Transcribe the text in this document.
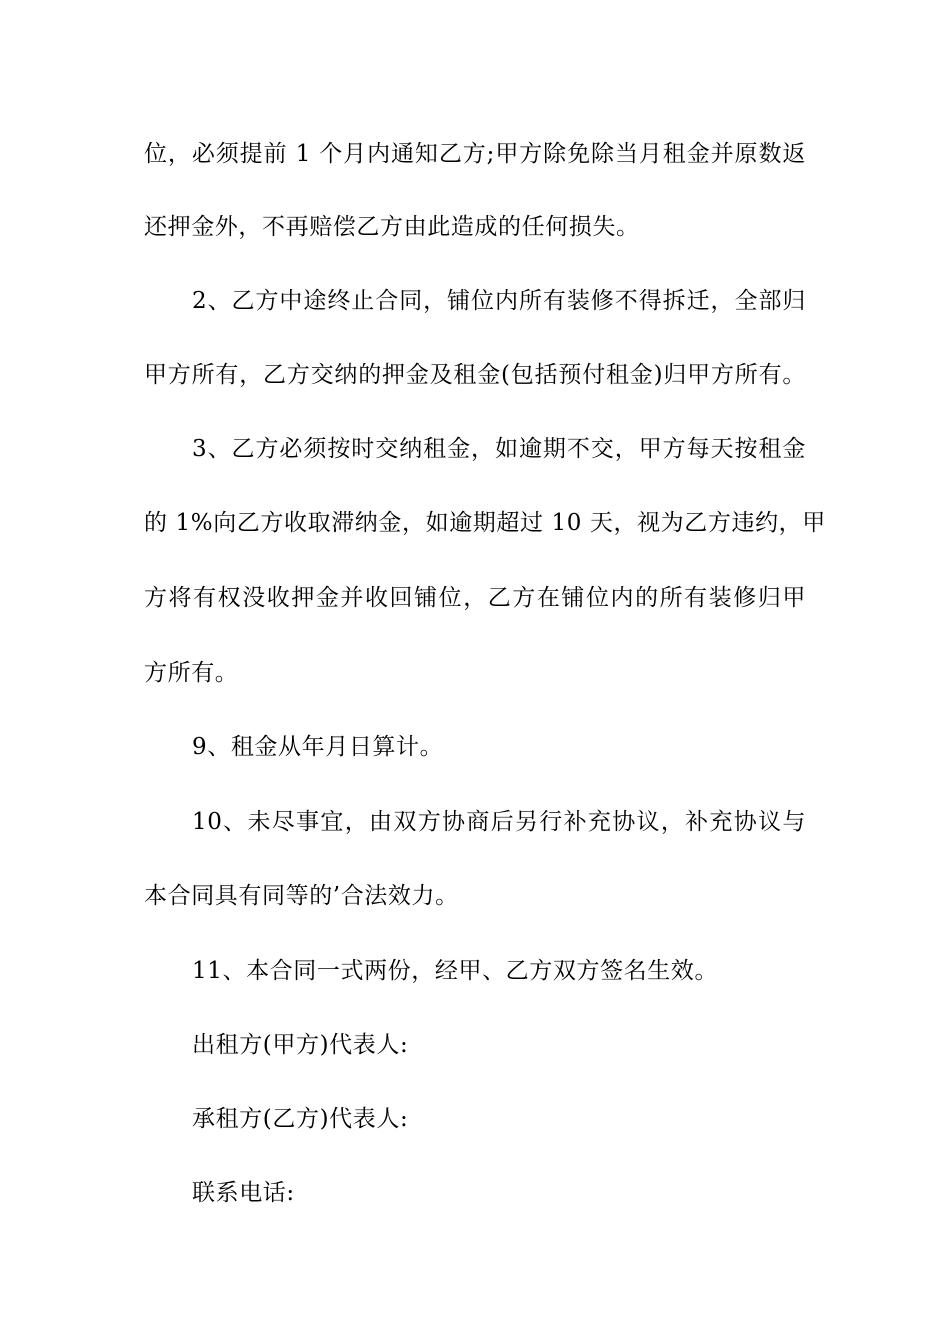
位，必须提前 1 个月内通知乙方;甲方除免除当月租金并原数返
还押金外，不再赔偿乙方由此造成的任何损失。
2、乙方中途终止合同，铺位内所有装修不得拆迁，全部归
甲方所有，乙方交纳的押金及租金(包括预付租金)归甲方所有。
3、乙方必须按时交纳租金，如逾期不交，甲方每天按租金
的 1%向乙方收取滞纳金，如逾期超过 10 天，视为乙方违约，甲
方将有权没收押金并收回铺位，乙方在铺位内的所有装修归甲
方所有。
9、租金从年月日算计。
10、未尽事宜，由双方协商后另行补充协议，补充协议与
本合同具有同等的’合法效力。
11、本合同一式两份，经甲、乙方双方签名生效。
出租方(甲方)代表人:
承租方(乙方)代表人:
联系电话:
